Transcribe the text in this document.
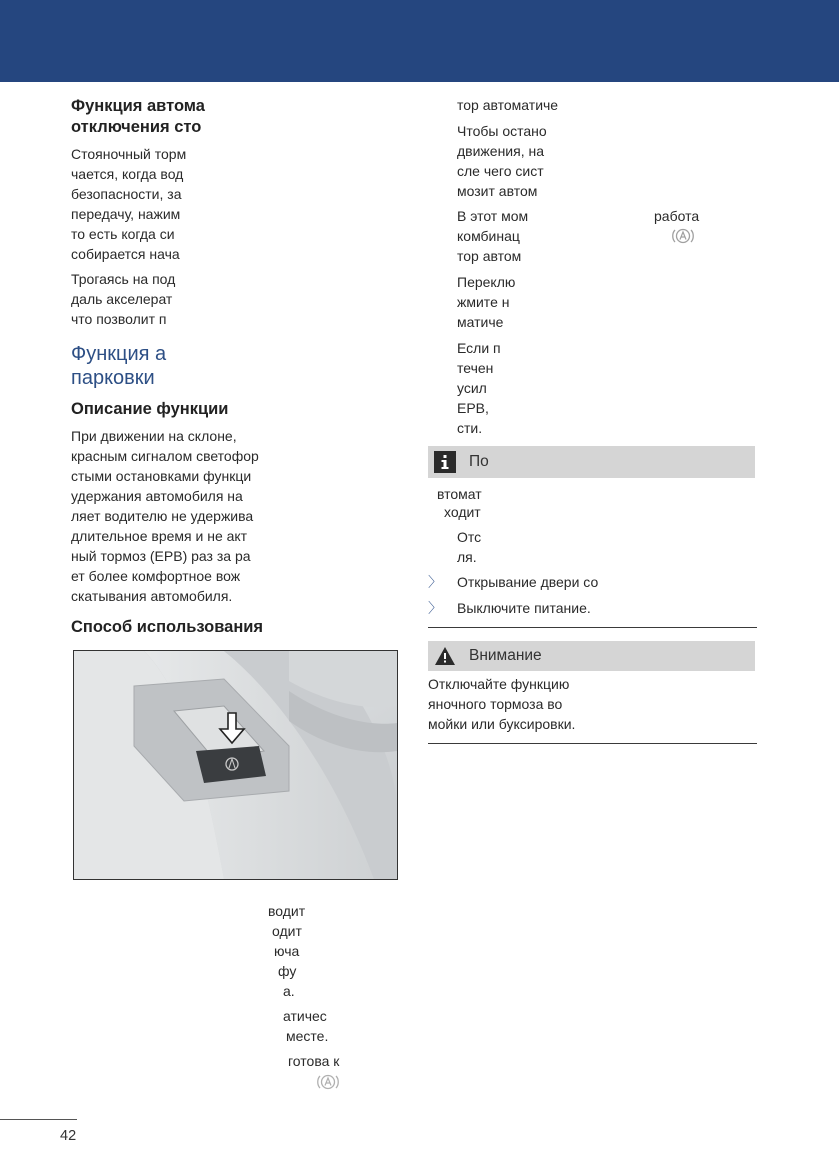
Функция автома
отключения сто
Стояночный торм
чается, когда вод
безопасности, за
передачу, нажим
то есть когда си
собирается нача
Трогаясь на под
даль акселерат
что позволит п
Функция а
парковки
Описание функции
При движении на склоне,
красным сигналом светофор
стыми остановками функци
удержания автомобиля на
ляет водителю не удержива
длительное время и не акт
ный тормоз (EPB) раз за ра
ет более комфортное вож
скатывания автомобиля.
Способ использования
водит
одит
юча
фу
а.
атичес
месте.
готова к
тор автоматиче
Чтобы остано
движения, на
сле чего сист
мозит автом
В этот мом
комбинац
тор автом
работа
Переклю
жмите н
матиче
Если п
течен
усил
EPB,
сти.
По
втомат
ходит
Отс
ля.
〉 Открывание двери со
〉 Выключите питание.
Внимание
Отключайте функцию
яночного тормоза во
мойки или буксировки.
42
